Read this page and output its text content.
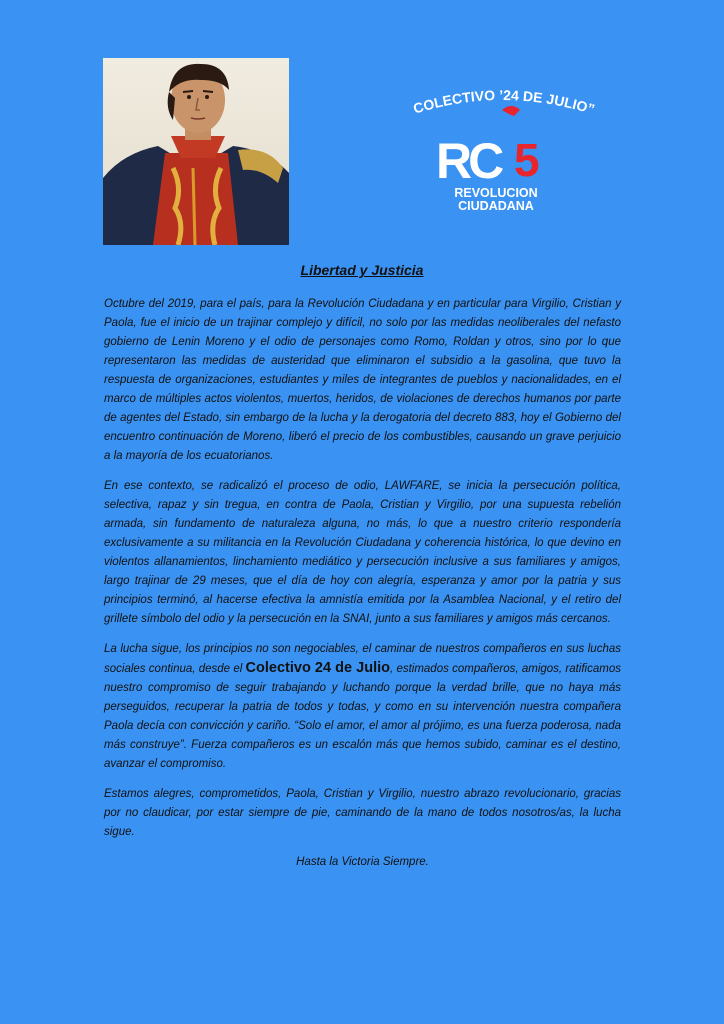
COLECTIVO ’24 DE JULIO”
RC 5
REVOLUCION
CIUDADANA
Libertad y Justicia

Octubre del 2019, para el país, para la Revolución Ciudadana y en particular para Virgilio, Cristian y Paola, fue el inicio de un trajinar complejo y difícil, no solo por las medidas neoliberales del nefasto gobierno de Lenin Moreno y el odio de personajes como Romo, Roldan y otros, sino por lo que representaron las medidas de austeridad que eliminaron el subsidio a la gasolina, que tuvo la respuesta de organizaciones, estudiantes y miles de integrantes de pueblos y nacionalidades, en el marco de múltiples actos violentos, muertos, heridos, de violaciones de derechos humanos por parte de agentes del Estado, sin embargo de la lucha y la derogatoria del decreto 883, hoy el Gobierno del encuentro continuación de Moreno, liberó el precio de los combustibles, causando un grave perjuicio a la mayoría de los ecuatorianos.

En ese contexto, se radicalizó el proceso de odio, LAWFARE, se inicia la persecución política, selectiva, rapaz y sin tregua, en contra de Paola, Cristian y Virgilio, por una supuesta rebelión armada, sin fundamento de naturaleza alguna, no más, lo que a nuestro criterio respondería exclusivamente a su militancia en la Revolución Ciudadana y coherencia histórica, lo que devino en violentos allanamientos, linchamiento mediático y persecución inclusive a sus familiares y amigos, largo trajinar de 29 meses, que el día de hoy con alegría, esperanza y amor por la patria y sus principios terminó, al hacerse efectiva la amnistía emitida por la Asamblea Nacional, y el retiro del grillete símbolo del odio y la persecución en la SNAI, junto a sus familiares y amigos más cercanos.

La lucha sigue, los principios no son negociables, el caminar de nuestros compañeros en sus luchas sociales continua, desde el Colectivo 24 de Julio, estimados compañeros, amigos, ratificamos nuestro compromiso de seguir trabajando y luchando porque la verdad brille, que no haya más perseguidos, recuperar la patria de todos y todas, y como en su intervención nuestra compañera Paola decía con convicción y cariño. “Solo el amor, el amor al prójimo, es una fuerza poderosa, nada más construye”. Fuerza compañeros es un escalón más que hemos subido, caminar es el destino, avanzar el compromiso.

Estamos alegres, comprometidos, Paola, Cristian y Virgilio, nuestro abrazo revolucionario, gracias por no claudicar, por estar siempre de pie, caminando de la mano de todos nosotros/as, la lucha sigue.

Hasta la Victoria Siempre.
